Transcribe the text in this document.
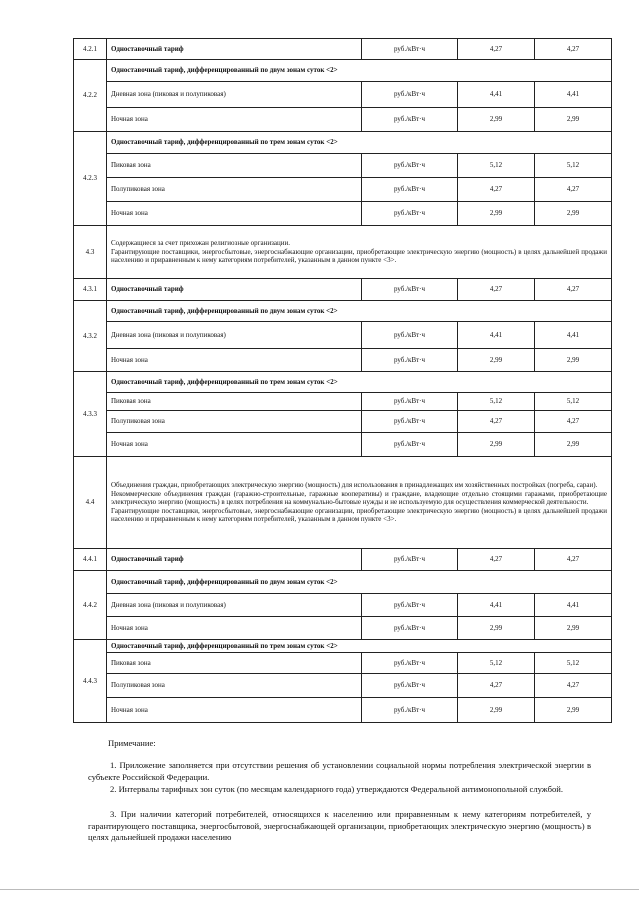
4.2.1	Одноставочный тариф	руб./кВт·ч	4,27	4,27
4.2.2	Одноставочный тариф, дифференцированный по двум зонам суток <2>			
	Дневная зона (пиковая и полупиковая)	руб./кВт·ч	4,41	4,41
	Ночная зона	руб./кВт·ч	2,99	2,99
4.2.3	Одноставочный тариф, дифференцированный по трем зонам суток <2>			
	Пиковая зона	руб./кВт·ч	5,12	5,12
	Полупиковая зона	руб./кВт·ч	4,27	4,27
	Ночная зона	руб./кВт·ч	2,99	2,99
4.3	Содержащиеся за счет прихожан религиозные организации.
Гарантирующие поставщики, энергосбытовые, энергоснабжающие организации, приобретающие электрическую энергию (мощность) в целях дальнейшей продажи населению и приравненным к нему категориям потребителей, указанным в данном пункте <3>.			

4.3.1	Одноставочный тариф	руб./кВт·ч	4,27	4,27
4.3.2	Одноставочный тариф, дифференцированный по двум зонам суток <2>			
	Дневная зона (пиковая и полупиковая)	руб./кВт·ч	4,41	4,41
	Ночная зона	руб./кВт·ч	2,99	2,99
4.3.3	Одноставочный тариф, дифференцированный по трем зонам суток <2>			
	Пиковая зона	руб./кВт·ч	5,12	5,12
	Полупиковая зона	руб./кВт·ч	4,27	4,27
	Ночная зона	руб./кВт·ч	2,99	2,99
4.4	Объединения граждан, приобретающих электрическую энергию (мощность) для использования в принадлежащих им хозяйственных постройках (погреба, сараи).
Некоммерческие объединения граждан (гаражно-строительные, гаражные кооперативы) и граждане, владеющие отдельно стоящими гаражами, приобретающие электрическую энергию (мощность) в целях потребления на коммунально-бытовые нужды и не используемую для осуществления коммерческой деятельности.
Гарантирующие поставщики, энергосбытовые, энергоснабжающие организации, приобретающие электрическую энергию (мощность) в целях дальнейшей продажи населению и приравненным к нему категориям потребителей, указанным в данном пункте <3>.			

4.4.1	Одноставочный тариф	руб./кВт·ч	4,27	4,27
4.4.2	Одноставочный тариф, дифференцированный по двум зонам суток <2>			
	Дневная зона (пиковая и полупиковая)	руб./кВт·ч	4,41	4,41
	Ночная зона	руб./кВт·ч	2,99	2,99
4.4.3	Одноставочный тариф, дифференцированный по трем зонам суток <2>			
	Пиковая зона	руб./кВт·ч	5,12	5,12
	Полупиковая зона	руб./кВт·ч	4,27	4,27
	Ночная зона	руб./кВт·ч	2,99	2,99
Примечание:
1. Приложение заполняется при отсутствии решения об установлении социальной нормы потребления электрической энергии в субъекте Российской Федерации.
2. Интервалы тарифных зон суток (по месяцам календарного года) утверждаются Федеральной антимонопольной службой.
3. При наличии категорий потребителей, относящихся к населению или приравненным к нему категориям потребителей, у гарантирующего поставщика, энергосбытовой, энергоснабжающей организации, приобретающих электрическую энергию (мощность) в целях дальнейшей продажи населению
